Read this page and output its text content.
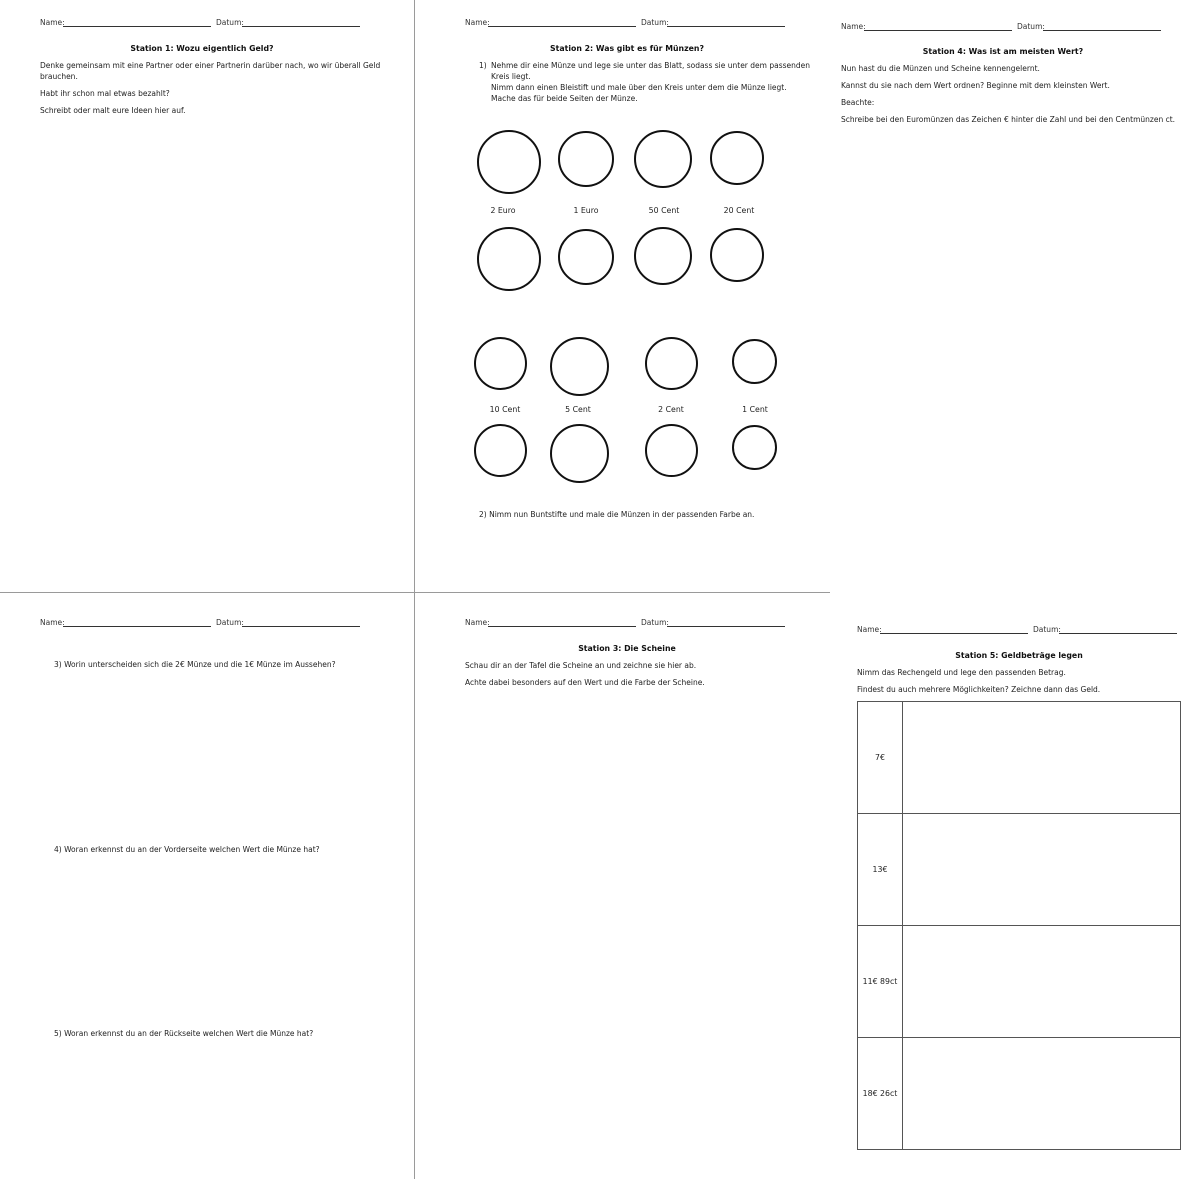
Name:	Datum:
Station 1: Wozu eigentlich Geld?
Denke gemeinsam mit eine Partner oder einer Partnerin darüber nach, wo wir überall Geld
brauchen.
Habt ihr schon mal etwas bezahlt?
Schreibt oder malt eure Ideen hier auf.
Name:	Datum:
Station 2: Was gibt es für Münzen?
1) Nehme dir eine Münze und lege sie unter das Blatt, sodass sie unter dem passenden
Kreis liegt.
Nimm dann einen Bleistift und male über den Kreis unter dem die Münze liegt.
Mache das für beide Seiten der Münze.
2 Euro	1 Euro	50 Cent	20 Cent
10 Cent	5 Cent	2 Cent	1 Cent
2) Nimm nun Buntstifte und male die Münzen in der passenden Farbe an.
Name:	Datum:
Station 4: Was ist am meisten Wert?
Nun hast du die Münzen und Scheine kennengelernt.
Kannst du sie nach dem Wert ordnen? Beginne mit dem kleinsten Wert.
Beachte:
Schreibe bei den Euromünzen das Zeichen € hinter die Zahl und bei den Centmünzen ct.
Name:	Datum:
3) Worin unterscheiden sich die 2€ Münze und die 1€ Münze im Aussehen?
4) Woran erkennst du an der Vorderseite welchen Wert die Münze hat?
5) Woran erkennst du an der Rückseite welchen Wert die Münze hat?
Name:	Datum:
Station 3: Die Scheine
Schau dir an der Tafel die Scheine an und zeichne sie hier ab.
Achte dabei besonders auf den Wert und die Farbe der Scheine.
Name:	Datum:
Station 5: Geldbeträge legen
Nimm das Rechengeld und lege den passenden Betrag.
Findest du auch mehrere Möglichkeiten? Zeichne dann das Geld.
7€	
13€	
11€ 89ct	
18€ 26ct	
